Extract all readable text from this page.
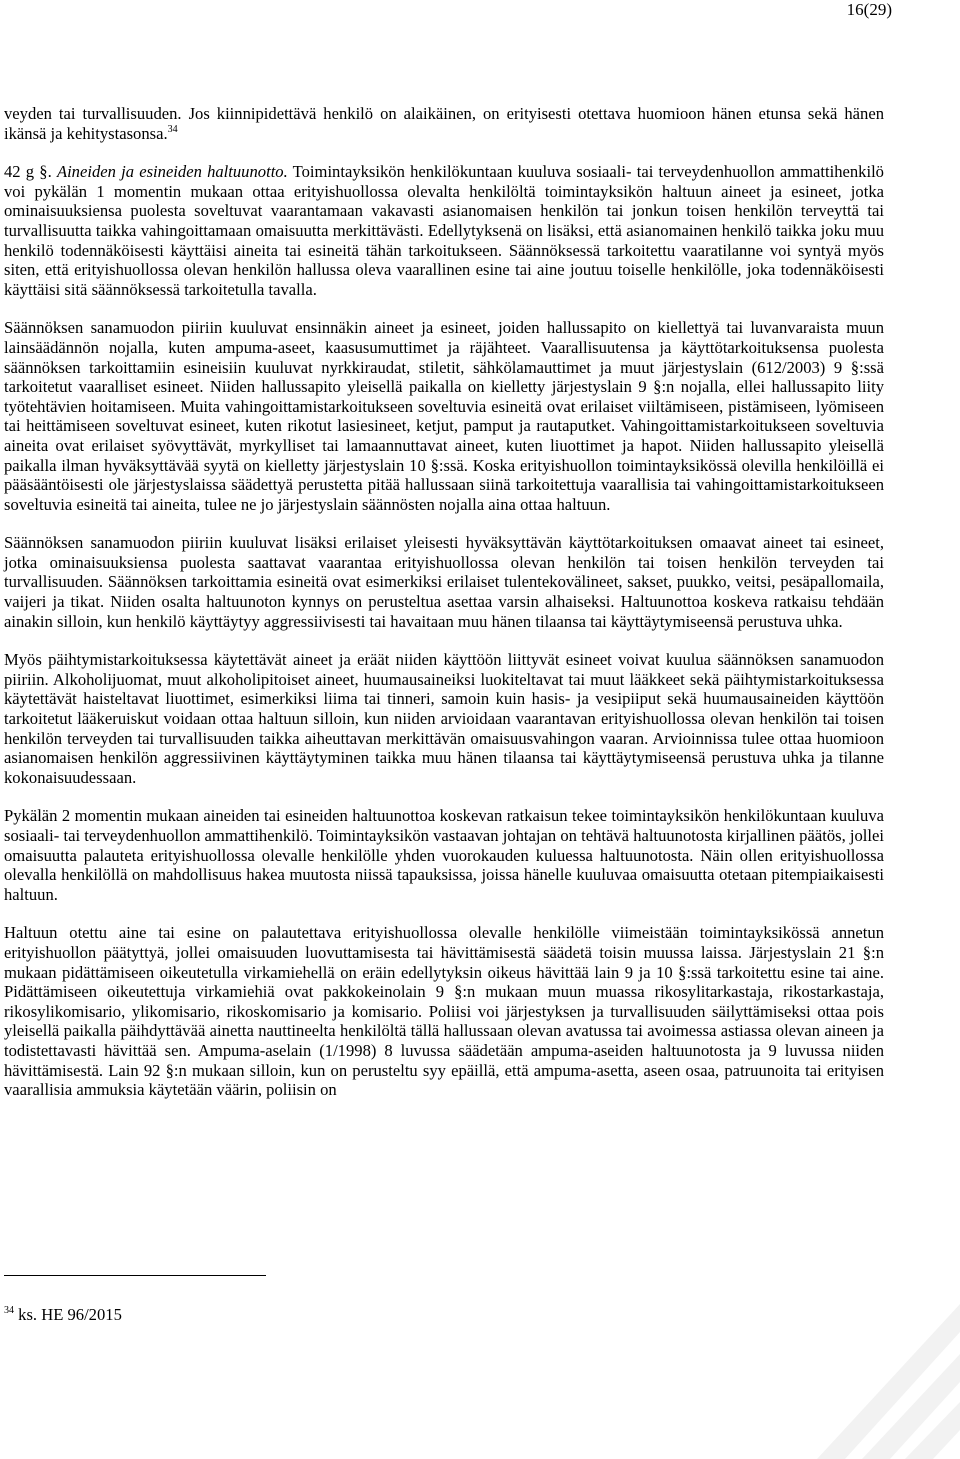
16(29)

veyden tai turvallisuuden. Jos kiinnipidettävä henkilö on alaikäinen, on erityisesti otettava huomioon hänen etunsa sekä hänen ikänsä ja kehitystasonsa.$^{34}$

42 g §. Aineiden ja esineiden haltuunotto. Toimintayksikön henkilökuntaan kuuluva sosiaali- tai terveydenhuollon ammattihenkilö voi pykälän 1 momentin mukaan ottaa erityishuollossa olevalta henkilöltä toimintayksikön haltuun aineet ja esineet, jotka ominaisuuksiensa puolesta soveltuvat vaarantamaan vakavasti asianomaisen henkilön tai jonkun toisen henkilön terveyttä tai turvallisuutta taikka vahingoittamaan omaisuutta merkittävästi. Edellytyksenä on lisäksi, että asianomainen henkilö taikka joku muu henkilö todennäköisesti käyttäisi aineita tai esineitä tähän tarkoitukseen. Säännöksessä tarkoitettu vaaratilanne voi syntyä myös siten, että erityishuollossa olevan henkilön hallussa oleva vaarallinen esine tai aine joutuu toiselle henkilölle, joka todennäköisesti käyttäisi sitä säännöksessä tarkoitetulla tavalla.

Säännöksen sanamuodon piiriin kuuluvat ensinnäkin aineet ja esineet, joiden hallussapito on kiellettyä tai luvanvaraista muun lainsäädännön nojalla, kuten ampuma-aseet, kaasusumuttimet ja räjähteet. Vaarallisuutensa ja käyttötarkoituksensa puolesta säännöksen tarkoittamiin esineisiin kuuluvat nyrkkiraudat, stiletit, sähkölamauttimet ja muut järjestyslain (612/2003) 9 §:ssä tarkoitetut vaaralliset esineet. Niiden hallussapito yleisellä paikalla on kielletty järjestyslain 9 §:n nojalla, ellei hallussapito liity työtehtävien hoitamiseen. Muita vahingoittamistarkoitukseen soveltuvia esineitä ovat erilaiset viiltämiseen, pistämiseen, lyömiseen tai heittämiseen soveltuvat esineet, kuten rikotut lasiesineet, ketjut, pamput ja rautaputket. Vahingoittamistarkoitukseen soveltuvia aineita ovat erilaiset syövyttävät, myrkylliset tai lamaannuttavat aineet, kuten liuottimet ja hapot. Niiden hallussapito yleisellä paikalla ilman hyväksyttävää syytä on kielletty järjestyslain 10 §:ssä. Koska erityishuollon toimintayksikössä olevilla henkilöillä ei pääsääntöisesti ole järjestyslaissa säädettyä perustetta pitää hallussaan siinä tarkoitettuja vaarallisia tai vahingoittamistarkoitukseen soveltuvia esineitä tai aineita, tulee ne jo järjestyslain säännösten nojalla aina ottaa haltuun.

Säännöksen sanamuodon piiriin kuuluvat lisäksi erilaiset yleisesti hyväksyttävän käyttötarkoituksen omaavat aineet tai esineet, jotka ominaisuuksiensa puolesta saattavat vaarantaa erityishuollossa olevan henkilön tai toisen henkilön terveyden tai turvallisuuden. Säännöksen tarkoittamia esineitä ovat esimerkiksi erilaiset tulentekovälineet, sakset, puukko, veitsi, pesäpallomaila, vaijeri ja tikat. Niiden osalta haltuunoton kynnys on perusteltua asettaa varsin alhaiseksi. Haltuunottoa koskeva ratkaisu tehdään ainakin silloin, kun henkilö käyttäytyy aggressiivisesti tai havaitaan muu hänen tilaansa tai käyttäytymiseensä perustuva uhka.

Myös päihtymistarkoituksessa käytettävät aineet ja eräät niiden käyttöön liittyvät esineet voivat kuulua säännöksen sanamuodon piiriin. Alkoholijuomat, muut alkoholipitoiset aineet, huumausaineiksi luokiteltavat tai muut lääkkeet sekä päihtymistarkoituksessa käytettävät haisteltavat liuottimet, esimerkiksi liima tai tinneri, samoin kuin hasis- ja vesipiiput sekä huumausaineiden käyttöön tarkoitetut lääkeruiskut voidaan ottaa haltuun silloin, kun niiden arvioidaan vaarantavan erityishuollossa olevan henkilön tai toisen henkilön terveyden tai turvallisuuden taikka aiheuttavan merkittävän omaisuusvahingon vaaran. Arvioinnissa tulee ottaa huomioon asianomaisen henkilön aggressiivinen käyttäytyminen taikka muu hänen tilaansa tai käyttäytymiseensä perustuva uhka ja tilanne kokonaisuudessaan.

Pykälän 2 momentin mukaan aineiden tai esineiden haltuunottoa koskevan ratkaisun tekee toimintayksikön henkilökuntaan kuuluva sosiaali- tai terveydenhuollon ammattihenkilö. Toimintayksikön vastaavan johtajan on tehtävä haltuunotosta kirjallinen päätös, jollei omaisuutta palauteta erityishuollossa olevalle henkilölle yhden vuorokauden kuluessa haltuunotosta. Näin ollen erityishuollossa olevalla henkilöllä on mahdollisuus hakea muutosta niissä tapauksissa, joissa hänelle kuuluvaa omaisuutta otetaan pitempiaikaisesti haltuun.

Haltuun otettu aine tai esine on palautettava erityishuollossa olevalle henkilölle viimeistään toimintayksikössä annetun erityishuollon päätyttyä, jollei omaisuuden luovuttamisesta tai hävittämisestä säädetä toisin muussa laissa. Järjestyslain 21 §:n mukaan pidättämiseen oikeutetulla virkamiehellä on eräin edellytyksin oikeus hävittää lain 9 ja 10 §:ssä tarkoitettu esine tai aine. Pidättämiseen oikeutettuja virkamiehiä ovat pakkokeinolain 9 §:n mukaan muun muassa rikosylitarkastaja, rikostarkastaja, rikosylikomisario, ylikomisario, rikoskomisario ja komisario. Poliisi voi järjestyksen ja turvallisuuden säilyttämiseksi ottaa pois yleisellä paikalla päihdyttävää ainetta nauttineelta henkilöltä tällä hallussaan olevan avatussa tai avoimessa astiassa olevan aineen ja todistettavasti hävittää sen. Ampuma-aselain (1/1998) 8 luvussa säädetään ampuma-aseiden haltuunotosta ja 9 luvussa niiden hävittämisestä. Lain 92 §:n mukaan silloin, kun on perusteltu syy epäillä, että ampuma-asetta, aseen osaa, patruunoita tai erityisen vaarallisia ammuksia käytetään väärin, poliisin on

$^{34}$ ks. HE 96/2015
